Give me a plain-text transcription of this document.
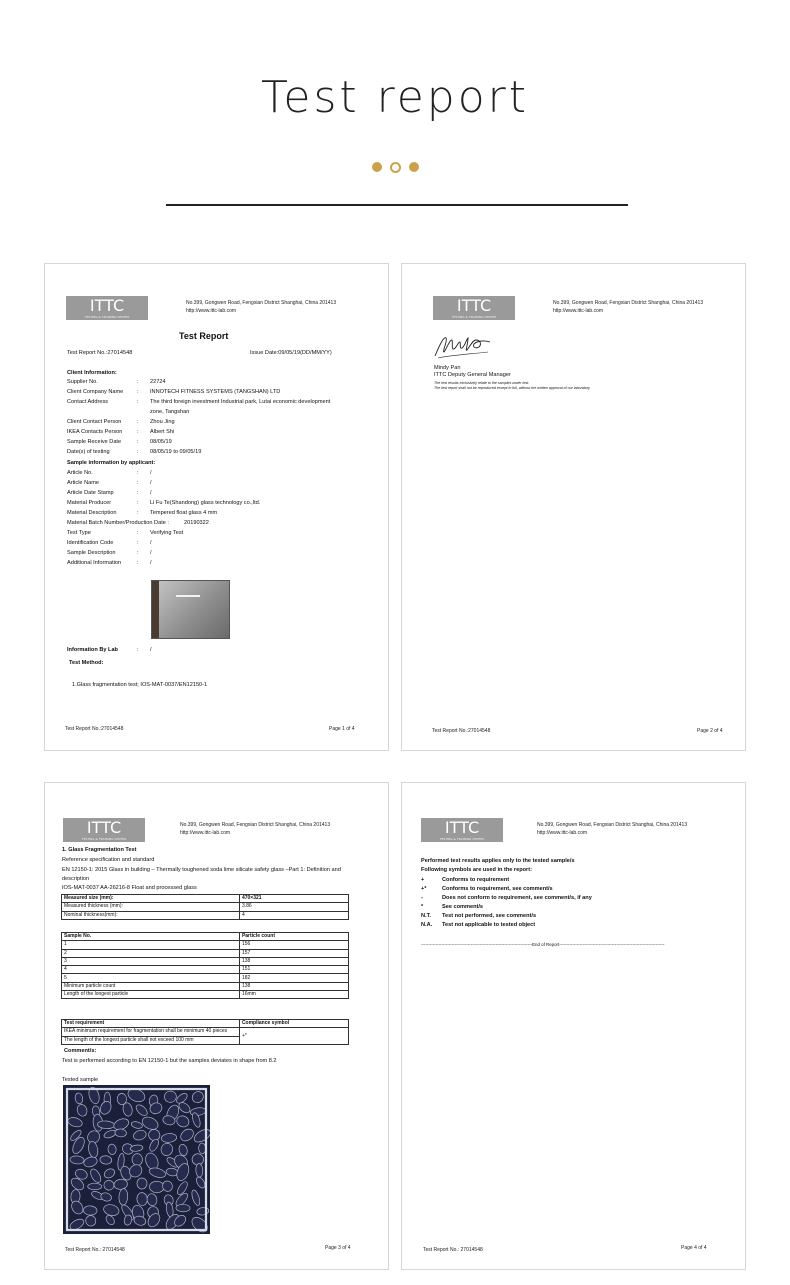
Test report
ITTC
TESTING & TRAINING CENTER
No.399, Gongwen Road, Fengxian District Shanghai, China 201413
http://www.ittc-lab.com
Test Report
Test Report No.:27014548	Issue Date:09/05/19(DD/MM/YY)
Client Information:
Supplier No.	: 22724
Client Company Name : INNOTECH FITNESS SYSTEMS (TANGSHAN) LTD
Contact Address	: The third foreign investment Industrial park, Lutai economic development
zone, Tangshan
Client Contact Person	: Zhou Jing
IKEA Contacts Person	: Albert Shi
Sample Receive Date	: 08/05/19
Date(s) of testing	: 08/05/19 to 09/05/19
Sample information by applicant:
Article No.	: /
Article Name	: /
Article Date Stamp	: /
Material Producer	: Li Fu Te(Shandong) glass technology co.,ltd.
Material Description	: Tempered float glass 4 mm
Material Batch Number/Production Date :	20190322
Test Type	: Verifying Test
Identification Code	: /
Sample Description	: /
Additional Information	: /
Information By Lab	: /
Test Method:
1.Glass fragmentation test; IOS-MAT-0037/EN12150-1
Test Report No.:27014548	Page 1 of 4
ITTC
TESTING & TRAINING CENTER
No.399, Gongwen Road, Fengxian District Shanghai, China 201413
http://www.ittc-lab.com
Mindy Pan
ITTC Deputy General Manager
The test results exclusively relate to the samples under test.
The test report shall not be reproduced except in full, without the written approval of our laboratory.
Test Report No.:27014548	Page 2 of 4
ITTC
TESTING & TRAINING CENTER
No.399, Gongwen Road, Fengxian District Shanghai, China 201413
http://www.ittc-lab.com
1. Glass Fragmentation Test
Reference specification and standard
EN 12150-1: 2015 Glass in building – Thermally toughened soda lime silicate safety glass –Part 1: Definition and
description
IOS-MAT-0037 AA-26216-8 Float and processed glass
Measured size (mm):	470×321
Measured thickness (mm):	3.86
Nominal thickness(mm):	4
Sample No.	Particle count
1	156
2	157
3	138
4	151
5	182
Minimum particle count	138
Length of the longest particle	16mm
Test requirement	Compliance symbol
IKEA minimum requirement for fragmentation shall be minimum 40 pieces	+*
The length of the longest particle shall not exceed 100 mm	
Comment/s:
Test is performed according to EN 12150-1 but the samples deviates in shape from 8.2
Tested sample
Test Report No.: 27014548	Page 3 of 4
ITTC
TESTING & TRAINING CENTER
No.399, Gongwen Road, Fengxian District Shanghai, China 201413
http://www.ittc-lab.com
Performed test results applies only to the tested sample/s
Following symbols are used in the report:
+	Conforms to requirement
+*	Conforms to requirement, see comment/s
-	Does not conform to requirement, see comment/s, if any
*	See comment/s
N.T. Test not performed, see comment/s
N.A. Test not applicable to tested object
----------------------------------------------------------------------------End of Report------------------------------------------------------------------------
Test Report No.: 27014548	Page 4 of 4
